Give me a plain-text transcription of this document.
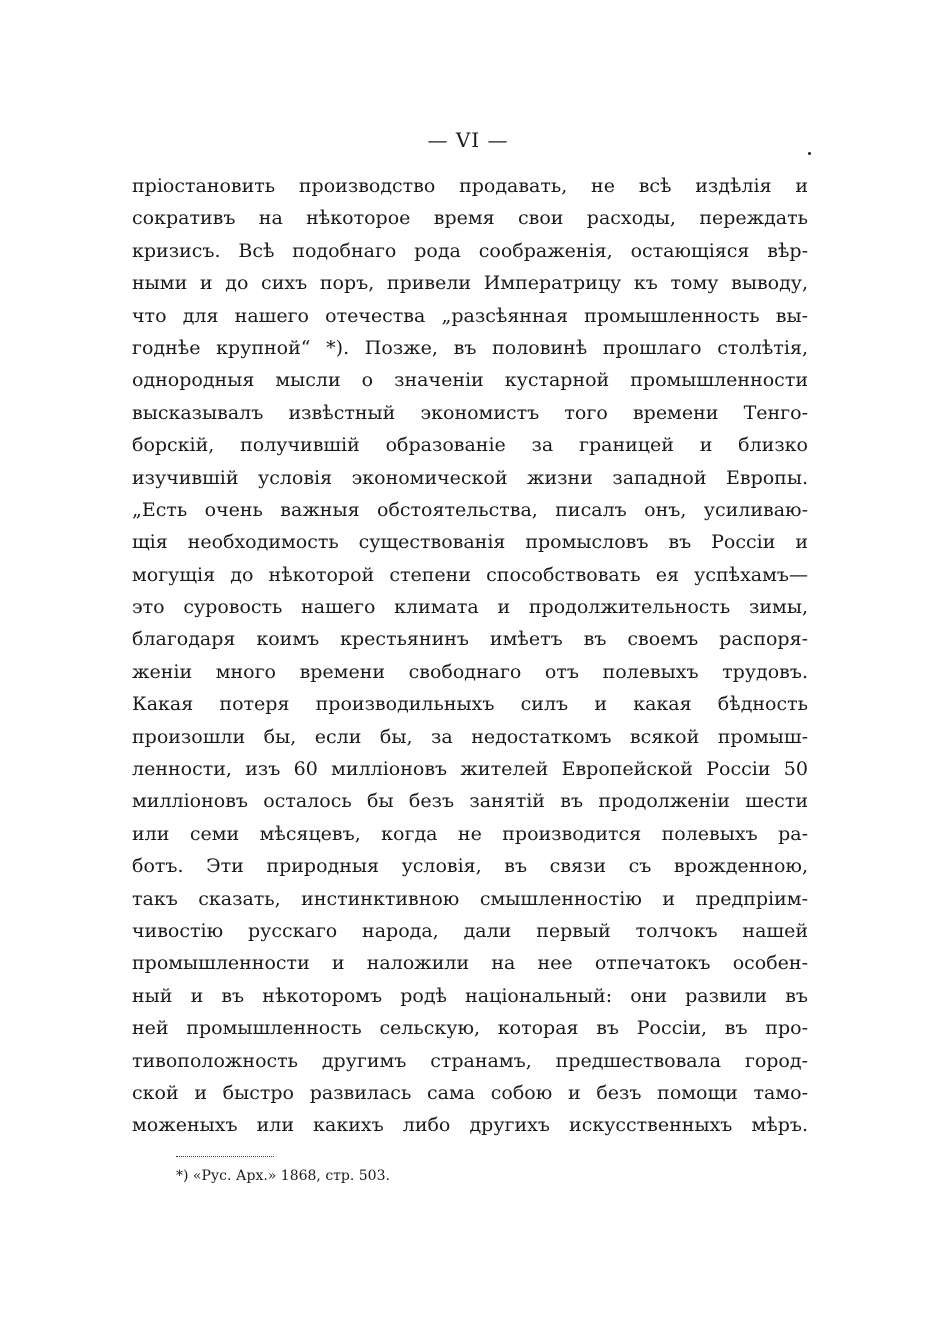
— VI —
пріостановить производство продавать, не всѣ издѣлія и
сокративъ на нѣкоторое время свои расходы, переждать
кризисъ. Всѣ подобнаго рода соображенія, остающіяся вѣр-
ными и до сихъ поръ, привели Императрицу къ тому выводу,
что для нашего отечества „разсѣянная промышленность вы-
годнѣе крупной“ *). Позже, въ половинѣ прошлаго столѣтія,
однородныя мысли о значеніи кустарной промышленности
высказывалъ извѣстный экономистъ того времени Тенго-
борскій, получившій образованіе за границей и близко
изучившій условія экономической жизни западной Европы.
„Есть очень важныя обстоятельства, писалъ онъ, усиливаю-
щія необходимость существованія промысловъ въ Россіи и
могущія до нѣкоторой степени способствовать ея успѣхамъ—
это суровость нашего климата и продолжительность зимы,
благодаря коимъ крестьянинъ имѣетъ въ своемъ распоря-
женіи много времени свободнаго отъ полевыхъ трудовъ.
Какая потеря производильныхъ силъ и какая бѣдность
произошли бы, если бы, за недостаткомъ всякой промыш-
ленности, изъ 60 милліоновъ жителей Европейской Россіи 50
милліоновъ осталось бы безъ занятій въ продолженіи шести
или семи мѣсяцевъ, когда не производится полевыхъ ра-
ботъ. Эти природныя условія, въ связи съ врожденною,
такъ сказать, инстинктивною смышленностію и предпріим-
чивостію русскаго народа, дали первый толчокъ нашей
промышленности и наложили на нее отпечатокъ особен-
ный и въ нѣкоторомъ родѣ національный: они развили въ
ней промышленность сельскую, которая въ Россіи, въ про-
тивоположность другимъ странамъ, предшествовала город-
ской и быстро развилась сама собою и безъ помощи тамо-
моженыхъ или какихъ либо другихъ искусственныхъ мѣръ.
*) «Рус. Арх.» 1868, стр. 503.
